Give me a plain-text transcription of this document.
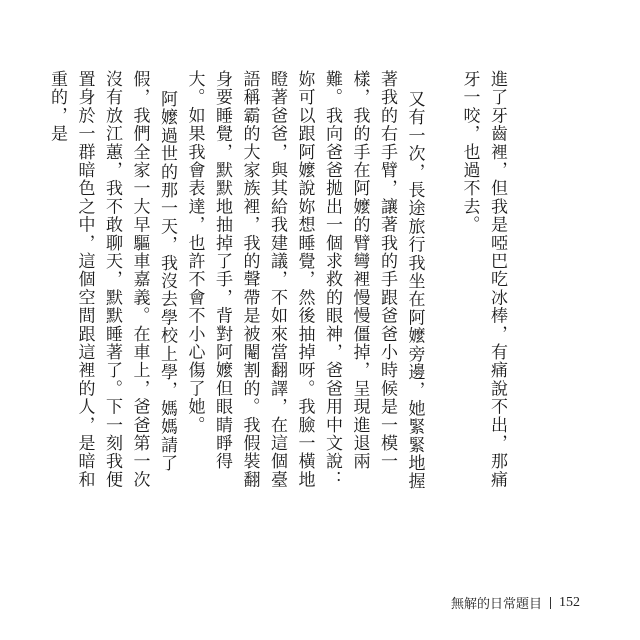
進了牙齒裡，但我是啞巴吃冰棒，有痛說不出，那痛牙一咬，也過不去。

又有一次，長途旅行我坐在阿嬤旁邊，她緊緊地握著我的右手臂，讓著我的手跟爸爸小時候是一模一樣，我的手在阿嬤的臂彎裡慢慢僵掉，呈現進退兩難。我向爸爸拋出一個求救的眼神，爸爸用中文說：妳可以跟阿嬤說妳想睡覺，然後抽掉呀。我臉一橫地瞪著爸爸，與其給我建議，不如來當翻譯，在這個臺語稱霸的大家族裡，我的聲帶是被閹割的。我假裝翻身要睡覺，默默地抽掉了手，背對阿嬤但眼睛睜得大。如果我會表達，也許不會不小心傷了她。

阿嬤過世的那一天，我沒去學校上學，媽媽請了假，我們全家一大早驅車嘉義。在車上，爸爸第一次沒有放江蕙，我不敢聊天，默默睡著了。下一刻我便置身於一群暗色之中，這個空間跟這裡的人，是暗和重的，是

無解的日常題目 152
